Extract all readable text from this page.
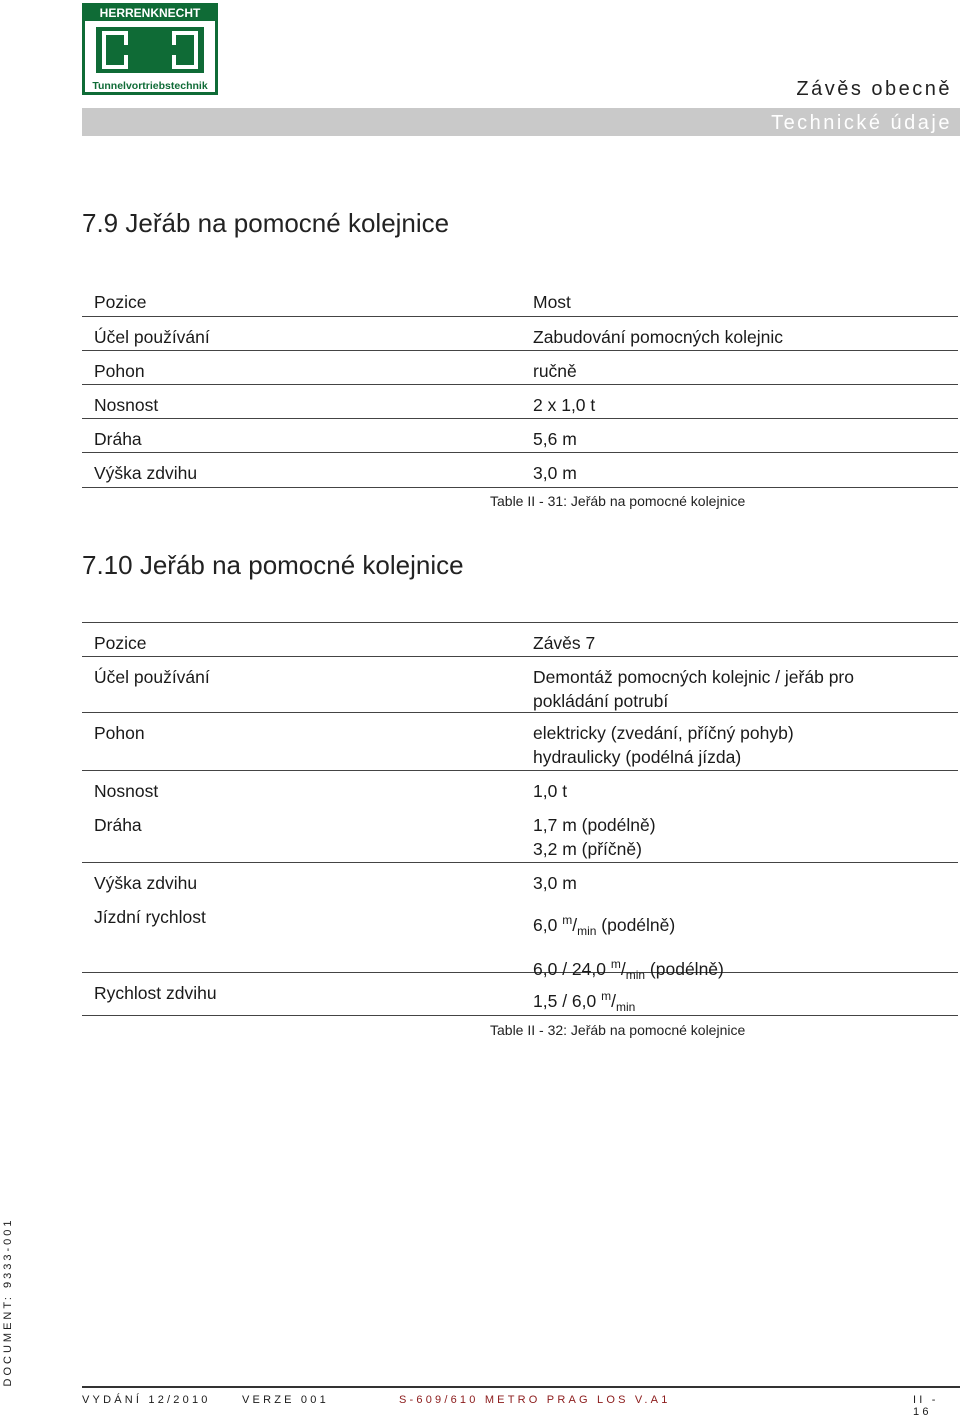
HERRENKNECHT
Tunnelvortriebstechnik	Závěs obecně
Technické údaje
7.9 Jeřáb na pomocné kolejnice
Pozice	Most
Účel používání	Zabudování pomocných kolejnic
Pohon	ručně
Nosnost	2 x 1,0 t
Dráha	5,6 m
Výška zdvihu	3,0 m
Table II - 31: Jeřáb na pomocné kolejnice
7.10 Jeřáb na pomocné kolejnice
Pozice	Závěs 7
Účel používání	Demontáž pomocných kolejnic / jeřáb pro
pokládání potrubí
Pohon	elektricky (zvedání, příčný pohyb)
hydraulicky (podélná jízda)
Nosnost	1,0 t
Dráha	1,7 m (podélně)
3,2 m (příčně)
Výška zdvihu	3,0 m
Jízdní rychlost	6,0 $^m/_{min}$ (podélně)
6,0 / 24,0 $^m/_{min}$ (podélně)
Rychlost zdvihu	1,5 / 6,0 $^m/_{min}$
Table II - 32: Jeřáb na pomocné kolejnice
DOCUMENT: 9333-001
VYDÁNÍ 12/2010	VERZE 001	S-609/610 METRO PRAG LOS V.A1	II - 16
